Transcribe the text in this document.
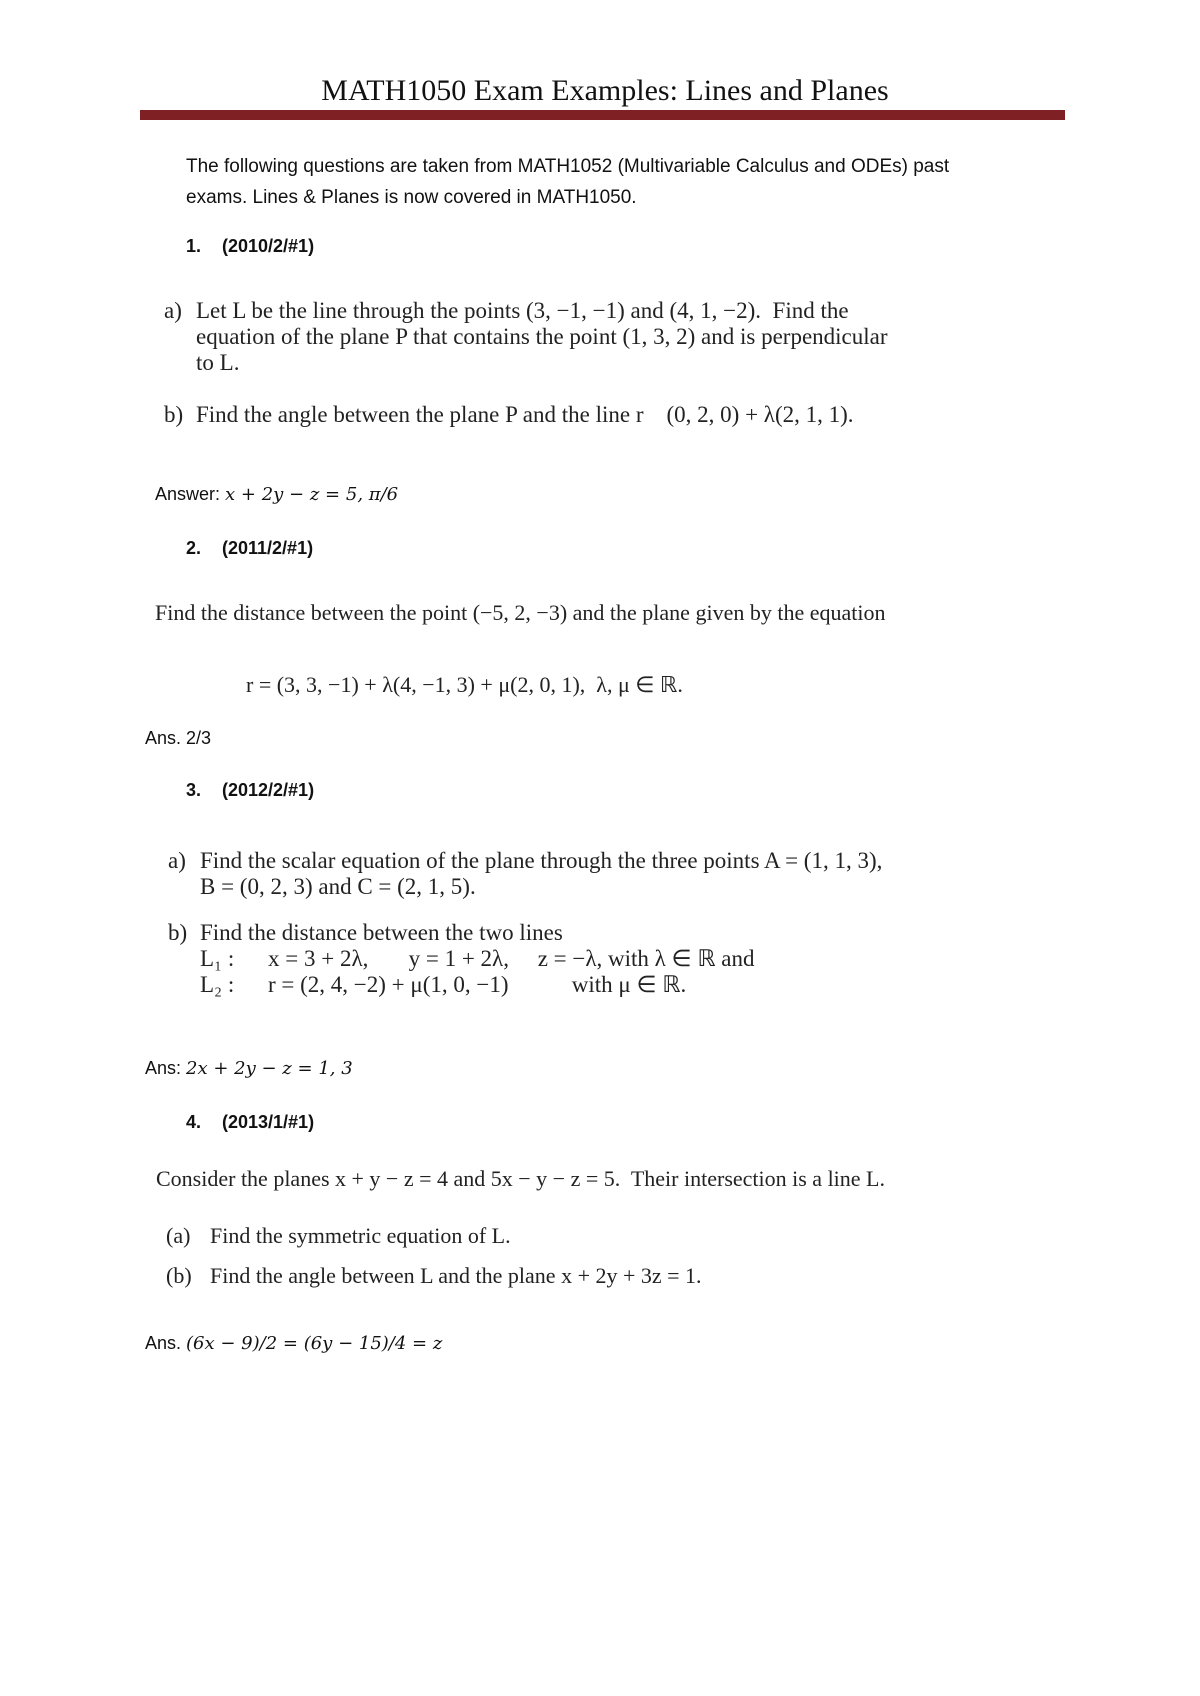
MATH1050 Exam Examples: Lines and Planes
The following questions are taken from MATH1052 (Multivariable Calculus and ODEs) past
exams. Lines & Planes is now covered in MATH1050.
1. (2010/2/#1)
a) Let L be the line through the points (3, −1, −1) and (4, 1, −2).  Find the
equation of the plane P that contains the point (1, 3, 2) and is perpendicular
to L.
b) Find the angle between the plane P and the line r    (0, 2, 0) + λ(2, 1, 1).
Answer: x + 2y − z = 5, π/6
2. (2011/2/#1)
Find the distance between the point (−5, 2, −3) and the plane given by the equation
r = (3, 3, −1) + λ(4, −1, 3) + μ(2, 0, 1),  λ, μ ∈ ℝ.
Ans. 2/3
3. (2012/2/#1)
a) Find the scalar equation of the plane through the three points A = (1, 1, 3),
B = (0, 2, 3) and C = (2, 1, 5).
b) Find the distance between the two lines
L₁ : x = 3 + 2λ,       y = 1 + 2λ,     z = −λ, with λ ∈ ℝ and
L₂ : r = (2, 4, −2) + μ(1, 0, −1)           with μ ∈ ℝ.
Ans: 2x + 2y − z = 1, 3
4. (2013/1/#1)
Consider the planes x + y − z = 4 and 5x − y − z = 5.  Their intersection is a line L.
(a) Find the symmetric equation of L.
(b) Find the angle between L and the plane x + 2y + 3z = 1.
Ans. (6x − 9)/2 = (6y − 15)/4 = z
